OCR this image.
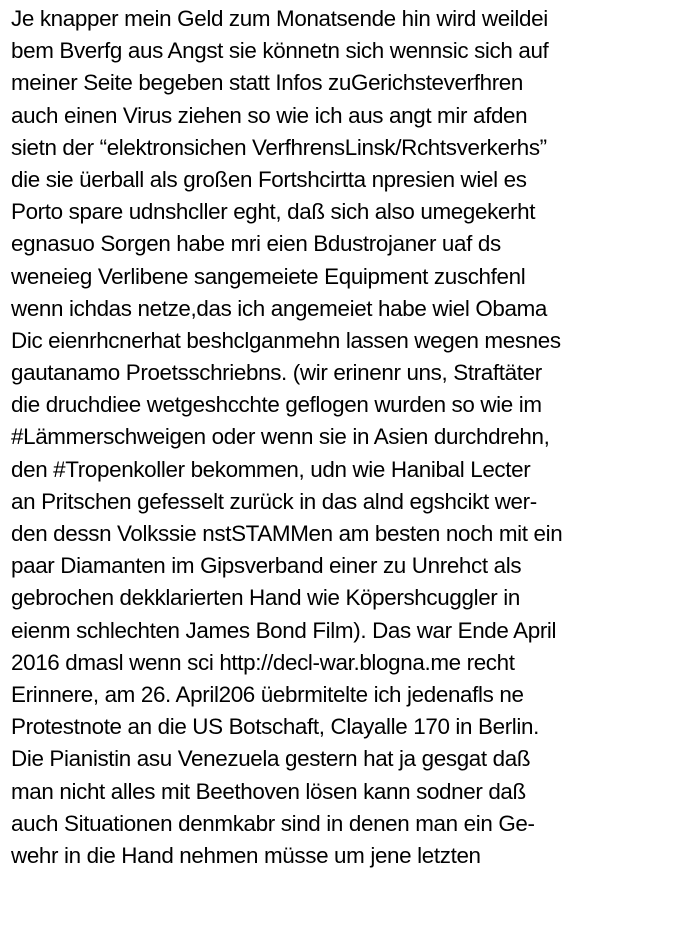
Je knapper mein Geld zum Monatsende hin wird weildei
bem Bverfg aus Angst sie könnetn sich wennsic sich auf
meiner Seite begeben statt Infos zuGerichsteverfhren
auch einen Virus ziehen so wie ich aus angt mir afden
sietn der “elektronsichen VerfhrensLinsk/Rchtsverkerhs”
die sie üerball als großen Fortshcirtta npresien wiel es
Porto spare udnshcller eght, daß sich also umegekerht
egnasuo Sorgen habe mri eien Bdustrojaner uaf ds
weneieg Verlibene sangemeiete Equipment zuschfenl
wenn ichdas netze,das ich angemeiet habe wiel Obama
Dic eienrhcnerhat beshclganmehn lassen wegen mesnes
gautanamo Proetsschriebns. (wir erinenr uns, Straftäter
die druchdiee wetgeshcchte geflogen wurden so wie im
#Lämmerschweigen oder wenn sie in Asien durchdrehn,
den #Tropenkoller bekommen, udn wie Hanibal Lecter
an Pritschen gefesselt zurück in das alnd egshcikt wer-
den dessn Volkssie nstSTAMMen am besten noch mit ein
paar Diamanten im Gipsverband einer zu Unrehct als
gebrochen dekklarierten Hand wie Köpershcuggler in
eienm schlechten James Bond Film). Das war Ende April
2016 dmasl wenn sci http://decl-war.blogna.me recht
Erinnere, am 26. April206 üebrmitelte ich jedenafls ne
Protestnote an die US Botschaft, Clayalle 170 in Berlin.
Die Pianistin asu Venezuela gestern hat ja gesgat daß
man nicht alles mit Beethoven lösen kann sodner daß
auch Situationen denmkabr sind in denen man ein Ge-
wehr in die Hand nehmen müsse um jene letzten
